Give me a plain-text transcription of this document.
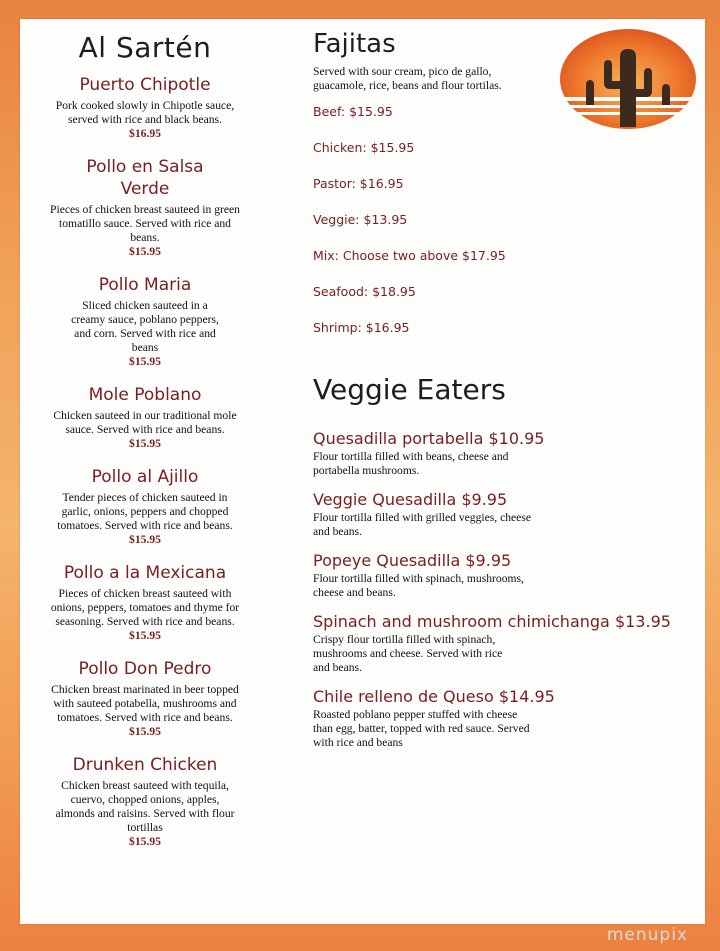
Al Sartén

Puerto Chipotle

Pork cooked slowly in Chipotle sauce, served with rice and black beans.

$16.95

Pollo en Salsa Verde

Pieces of chicken breast sauteed in green tomatillo sauce. Served with rice and beans.

$15.95

Pollo Maria

Sliced chicken sauteed in a creamy sauce, poblano peppers, and corn. Served with rice and beans

$15.95

Mole Poblano

Chicken sauteed in our traditional mole sauce. Served with rice and beans.

$15.95

Pollo al Ajillo

Tender pieces of chicken sauteed in garlic, onions, peppers and chopped tomatoes. Served with rice and beans.

$15.95

Pollo a la Mexicana

Pieces of chicken breast sauteed with onions, peppers, tomatoes and thyme for seasoning. Served with rice and beans.

$15.95

Pollo Don Pedro

Chicken breast marinated in beer topped with sauteed potabella, mushrooms and tomatoes. Served with rice and beans.

$15.95

Drunken Chicken

Chicken breast sauteed with tequila, cuervo, chopped onions, apples, almonds and raisins. Served with flour tortillas

$15.95

Fajitas

Served with sour cream, pico de gallo, guacamole, rice, beans and flour tortilas.

Beef: $15.95
Chicken: $15.95
Pastor: $16.95
Veggie: $13.95
Mix: Choose two above $17.95
Seafood: $18.95
Shrimp: $16.95
Veggie Eaters

Quesadilla portabella $10.95

Flour tortilla filled with beans, cheese and portabella mushrooms.

Veggie Quesadilla $9.95

Flour tortilla filled with grilled veggies, cheese and beans.

Popeye Quesadilla $9.95

Flour tortilla filled with spinach, mushrooms, cheese and beans.

Spinach and mushroom chimichanga $13.95

Crispy flour tortilla filled with spinach, mushrooms and cheese. Served with rice and beans.

Chile relleno de Queso $14.95

Roasted poblano pepper stuffed with cheese than egg, batter, topped with red sauce. Served with rice and beans

menupix
